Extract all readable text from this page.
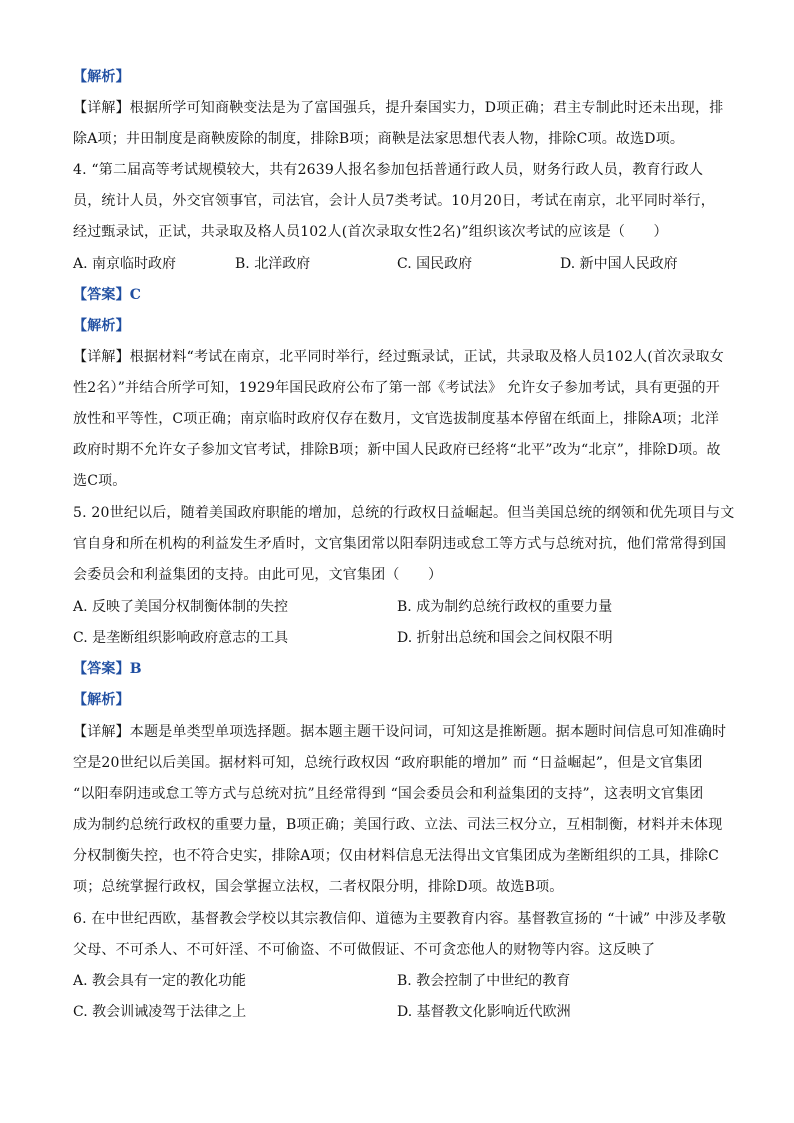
【解析】
【详解】根据所学可知商鞅变法是为了富国强兵，提升秦国实力，D项正确；君主专制此时还未出现，排
除A项；井田制度是商鞅废除的制度，排除B项；商鞅是法家思想代表人物，排除C项。故选D项。
4. “第二届高等考试规模较大，共有2639人报名参加包括普通行政人员，财务行政人员，教育行政人
员，统计人员，外交官领事官，司法官，会计人员7类考试。10月20日，考试在南京，北平同时举行，
经过甄录试，正试，共录取及格人员102人(首次录取女性2名)”组织该次考试的应该是（　　）
A. 南京临时政府	B. 北洋政府	C. 国民政府	D. 新中国人民政府
【答案】C
【解析】
【详解】根据材料“考试在南京，北平同时举行，经过甄录试，正试，共录取及格人员102人(首次录取女
性2名）”并结合所学可知，1929年国民政府公布了第一部《考试法》 允许女子参加考试，具有更强的开
放性和平等性，C项正确；南京临时政府仅存在数月，文官选拔制度基本停留在纸面上，排除A项；北洋
政府时期不允许女子参加文官考试，排除B项；新中国人民政府已经将“北平”改为“北京”，排除D项。故
选C项。
5. 20世纪以后，随着美国政府职能的增加，总统的行政权日益崛起。但当美国总统的纲领和优先项目与文
官自身和所在机构的利益发生矛盾时，文官集团常以阳奉阴违或怠工等方式与总统对抗，他们常常得到国
会委员会和利益集团的支持。由此可见，文官集团（　　）
A. 反映了美国分权制衡体制的失控	B. 成为制约总统行政权的重要力量
C. 是垄断组织影响政府意志的工具	D. 折射出总统和国会之间权限不明
【答案】B
【解析】
【详解】本题是单类型单项选择题。据本题主题干设问词，可知这是推断题。据本题时间信息可知准确时
空是20世纪以后美国。据材料可知，总统行政权因 “政府职能的增加” 而 “日益崛起”，但是文官集团
“以阳奉阴违或怠工等方式与总统对抗”且经常得到 “国会委员会和利益集团的支持”，这表明文官集团
成为制约总统行政权的重要力量，B项正确；美国行政、立法、司法三权分立，互相制衡，材料并未体现
分权制衡失控，也不符合史实，排除A项；仅由材料信息无法得出文官集团成为垄断组织的工具，排除C
项；总统掌握行政权，国会掌握立法权，二者权限分明，排除D项。故选B项。
6. 在中世纪西欧，基督教会学校以其宗教信仰、道德为主要教育内容。基督教宣扬的 “十诫” 中涉及孝敬
父母、不可杀人、不可奸淫、不可偷盗、不可做假证、不可贪恋他人的财物等内容。这反映了
A. 教会具有一定的教化功能	B. 教会控制了中世纪的教育
C. 教会训诫凌驾于法律之上	D. 基督教文化影响近代欧洲
